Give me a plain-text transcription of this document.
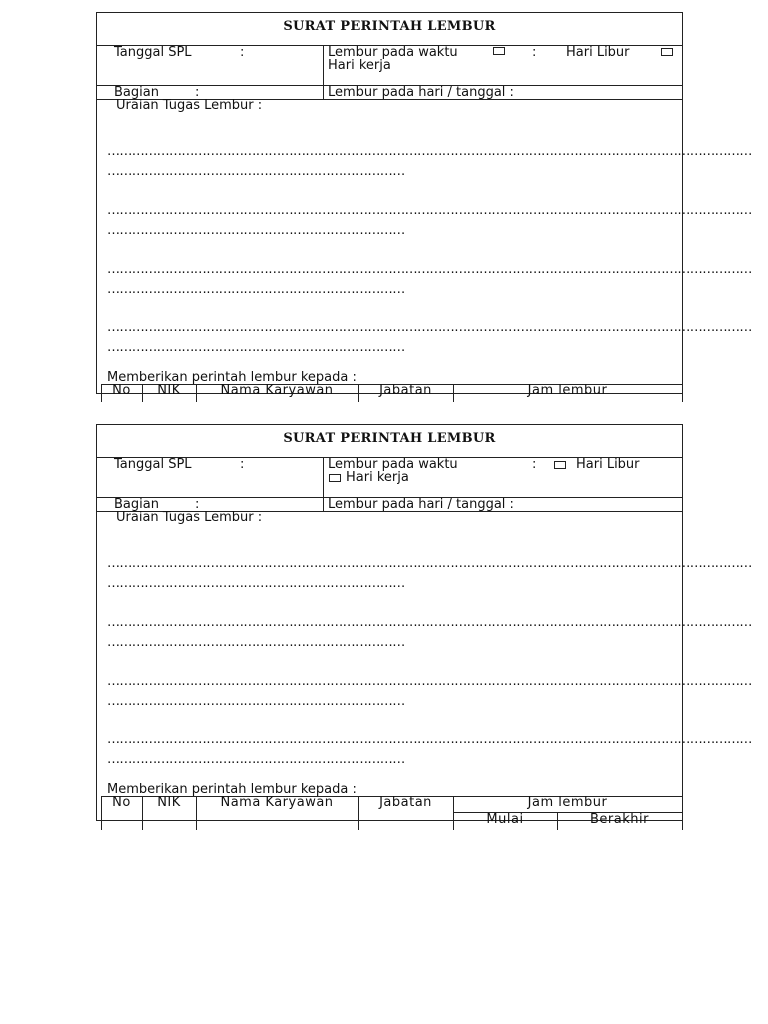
SURAT PERINTAH LEMBUR
Tanggal SPL	:	Lembur pada waktu	: Hari Libur
Hari kerja
Bagian	:	Lembur pada hari / tanggal :
Uraian Tugas Lembur :
…………………………………………………………………………………………………………………………………………
………………………………………………………………
…………………………………………………………………………………………………………………………………………
………………………………………………………………
…………………………………………………………………………………………………………………………………………
………………………………………………………………
…………………………………………………………………………………………………………………………………………
………………………………………………………………
Memberikan perintah lembur kepada :
No	NIK	Nama Karyawan	Jabatan	Jam lembur
SURAT PERINTAH LEMBUR
Tanggal SPL	:	Lembur pada waktu	:	Hari Libur
Hari kerja
Bagian	:	Lembur pada hari / tanggal :
Uraian Tugas Lembur :
…………………………………………………………………………………………………………………………………………
………………………………………………………………
…………………………………………………………………………………………………………………………………………
………………………………………………………………
…………………………………………………………………………………………………………………………………………
………………………………………………………………
…………………………………………………………………………………………………………………………………………
………………………………………………………………
Memberikan perintah lembur kepada :
No	NIK	Nama Karyawan	Jabatan	Jam lembur
Mulai	Berakhir
